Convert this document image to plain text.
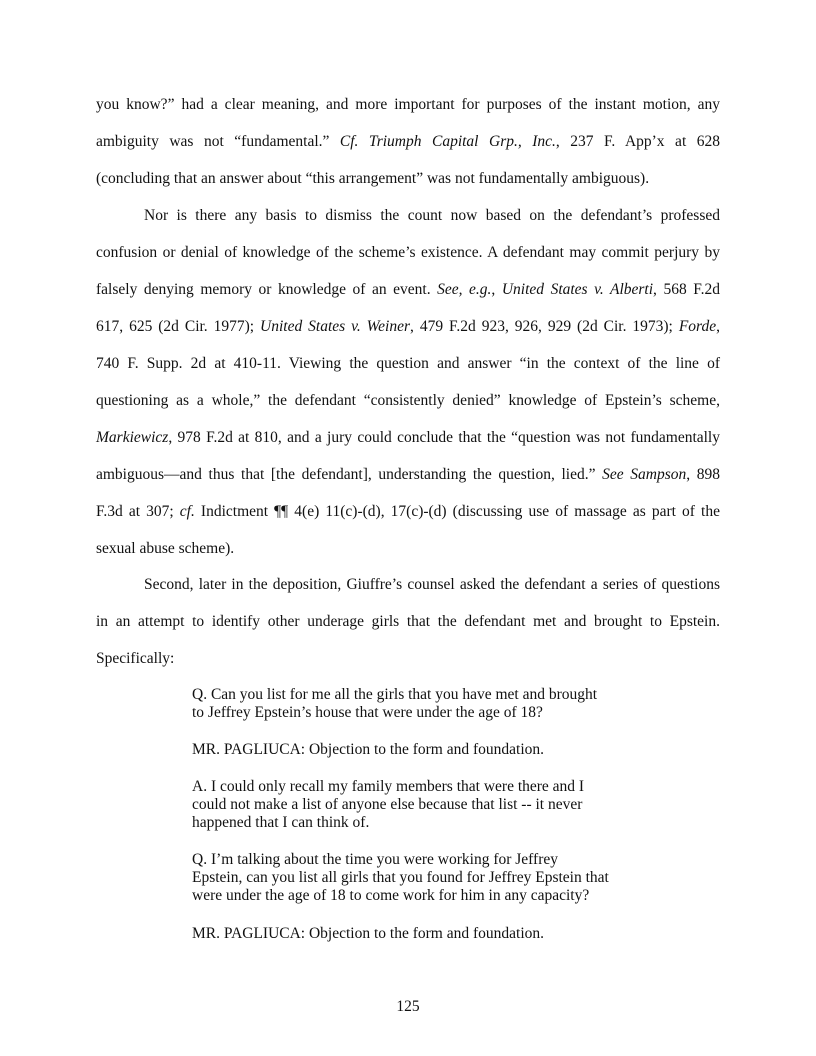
you know?” had a clear meaning, and more important for purposes of the instant motion, any
ambiguity was not “fundamental.” Cf. Triumph Capital Grp., Inc., 237 F. App’x at 628
(concluding that an answer about “this arrangement” was not fundamentally ambiguous).
Nor is there any basis to dismiss the count now based on the defendant’s professed
confusion or denial of knowledge of the scheme’s existence. A defendant may commit perjury by
falsely denying memory or knowledge of an event. See, e.g., United States v. Alberti, 568 F.2d
617, 625 (2d Cir. 1977); United States v. Weiner, 479 F.2d 923, 926, 929 (2d Cir. 1973); Forde,
740 F. Supp. 2d at 410-11. Viewing the question and answer “in the context of the line of
questioning as a whole,” the defendant “consistently denied” knowledge of Epstein’s scheme,
Markiewicz, 978 F.2d at 810, and a jury could conclude that the “question was not fundamentally
ambiguous—and thus that [the defendant], understanding the question, lied.” See Sampson, 898
F.3d at 307; cf. Indictment ¶¶ 4(e) 11(c)-(d), 17(c)-(d) (discussing use of massage as part of the
sexual abuse scheme).
Second, later in the deposition, Giuffre’s counsel asked the defendant a series of questions
in an attempt to identify other underage girls that the defendant met and brought to Epstein.
Specifically:
Q. Can you list for me all the girls that you have met and brought
to Jeffrey Epstein’s house that were under the age of 18?
MR. PAGLIUCA: Objection to the form and foundation.
A. I could only recall my family members that were there and I
could not make a list of anyone else because that list -- it never
happened that I can think of.
Q. I’m talking about the time you were working for Jeffrey
Epstein, can you list all girls that you found for Jeffrey Epstein that
were under the age of 18 to come work for him in any capacity?
MR. PAGLIUCA: Objection to the form and foundation.
125
